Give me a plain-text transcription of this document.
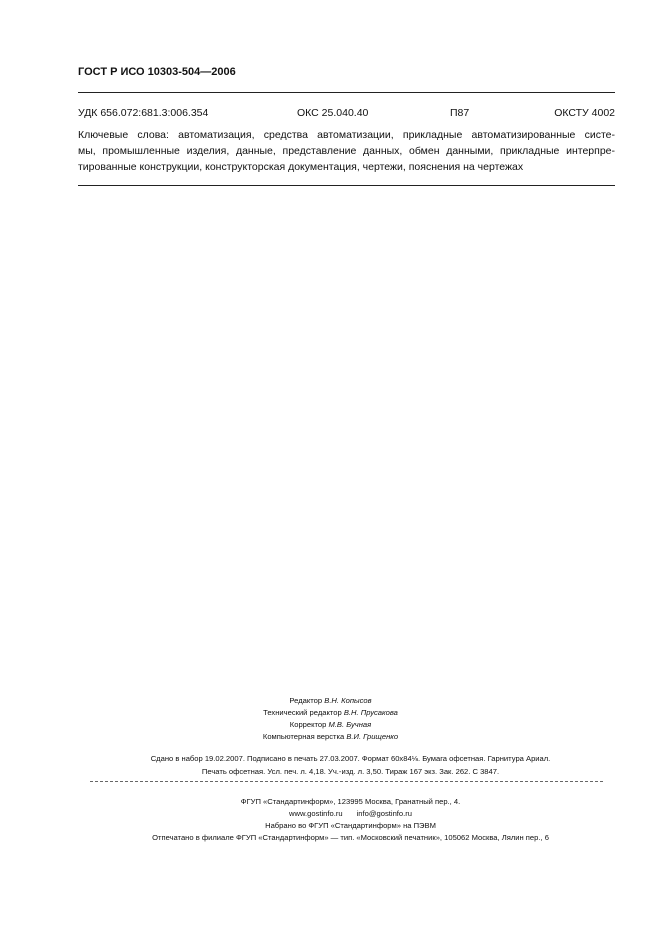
ГОСТ Р ИСО 10303-504—2006
УДК 656.072:681.3:006.354	ОКС 25.040.40	П87	ОКСТУ 4002
Ключевые слова: автоматизация, средства автоматизации, прикладные автоматизированные систе-
мы, промышленные изделия, данные, представление данных, обмен данными, прикладные интерпре-
тированные конструкции, конструкторская документация, чертежи, пояснения на чертежах
Редактор В.Н. Копысов
Технический редактор В.Н. Прусакова
Корректор М.В. Бучная
Компьютерная верстка В.И. Грищенко
Сдано в набор 19.02.2007. Подписано в печать 27.03.2007. Формат 60x84⅛. Бумага офсетная. Гарнитура Ариал.
Печать офсетная. Усл. печ. л. 4,18. Уч.-изд. л. 3,50. Тираж 167 экз. Зак. 262. С 3847.
ФГУП «Стандартинформ», 123995 Москва, Гранатный пер., 4.
www.gostinfo.ru info@gostinfo.ru
Набрано во ФГУП «Стандартинформ» на ПЭВМ
Отпечатано в филиале ФГУП «Стандартинформ» — тип. «Московский печатник», 105062 Москва, Лялин пер., 6
